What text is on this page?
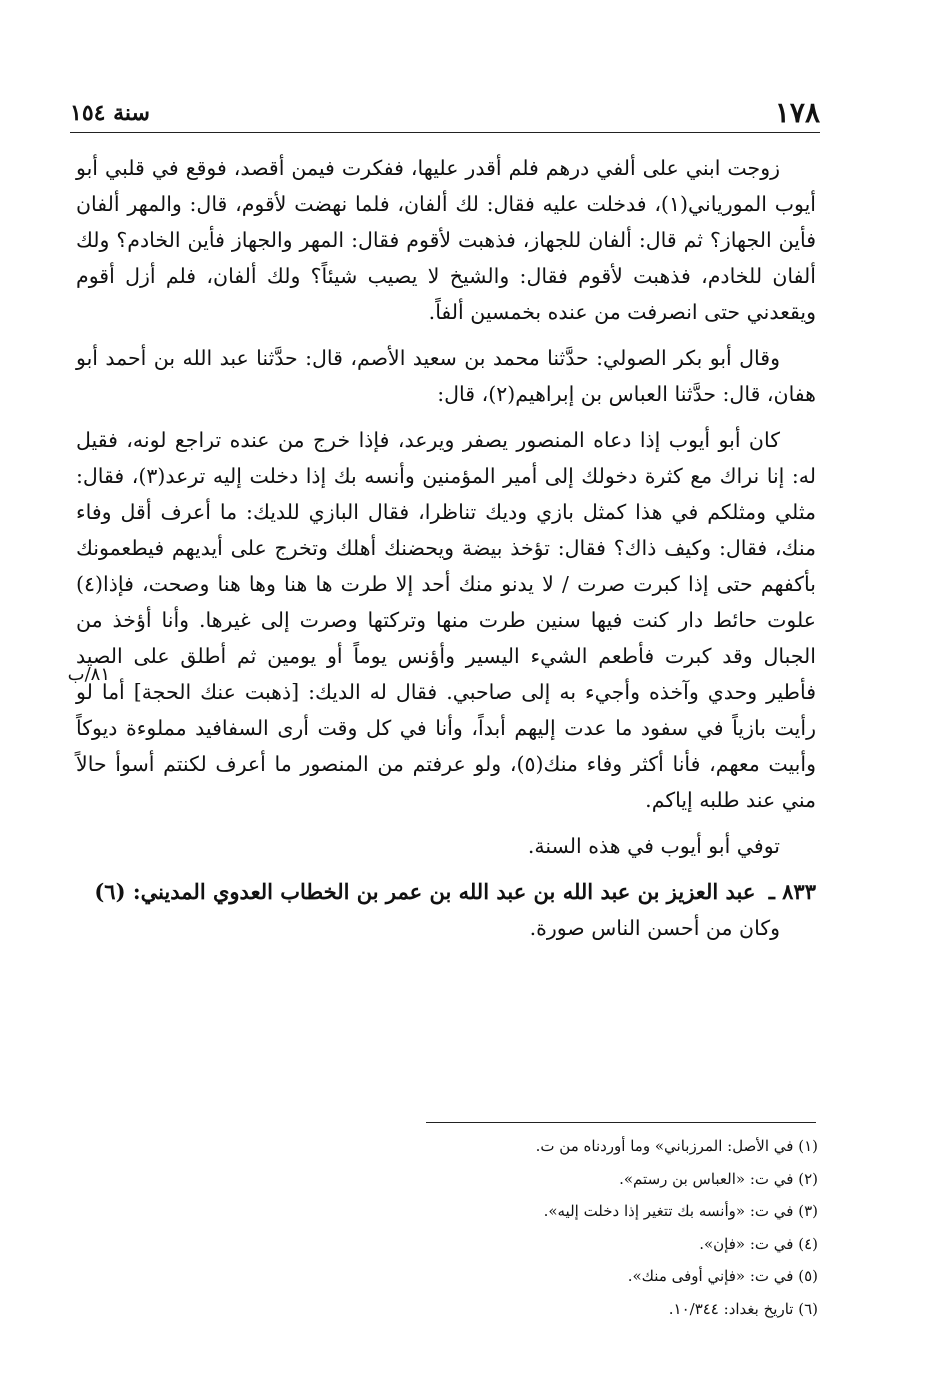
١٧٨
سنة ١٥٤
٨١/ب

زوجت ابني على ألفي درهم فلم أقدر عليها، ففكرت فيمن أقصد، فوقع في قلبي أبو أيوب المورياني(١)، فدخلت عليه فقال: لك ألفان، فلما نهضت لأقوم، قال: والمهر ألفان فأين الجهاز؟ ثم قال: ألفان للجهاز، فذهبت لأقوم فقال: المهر والجهاز فأين الخادم؟ ولك ألفان للخادم، فذهبت لأقوم فقال: والشيخ لا يصيب شيئاً؟ ولك ألفان، فلم أزل أقوم ويقعدني حتى انصرفت من عنده بخمسين ألفاً.

وقال أبو بكر الصولي: حدَّثنا محمد بن سعيد الأصم، قال: حدَّثنا عبد الله بن أحمد أبو هفان، قال: حدَّثنا العباس بن إبراهيم(٢)، قال:

كان أبو أيوب إذا دعاه المنصور يصفر ويرعد، فإذا خرج من عنده تراجع لونه، فقيل له: إنا نراك مع كثرة دخولك إلى أمير المؤمنين وأنسه بك إذا دخلت إليه ترعد(٣)، فقال: مثلي ومثلكم في هذا كمثل بازي وديك تناظرا، فقال البازي للديك: ما أعرف أقل وفاء منك، فقال: وكيف ذاك؟ فقال: تؤخذ بيضة ويحضنك أهلك وتخرج على أيديهم فيطعمونك بأكفهم حتى إذا كبرت صرت / لا يدنو منك أحد إلا طرت ها هنا وها هنا وصحت، فإذا(٤) علوت حائط دار كنت فيها سنين طرت منها وتركتها وصرت إلى غيرها. وأنا أؤخذ من الجبال وقد كبرت فأطعم الشيء اليسير وأؤنس يوماً أو يومين ثم أطلق على الصيد فأطير وحدي وآخذه وأجيء به إلى صاحبي. فقال له الديك: [ذهبت عنك الحجة] أما لو رأيت بازياً في سفود ما عدت إليهم أبداً، وأنا في كل وقت أرى السفافيد مملوءة ديوكاً وأبيت معهم، فأنا أكثر وفاء منك(٥)، ولو عرفتم من المنصور ما أعرف لكنتم أسوأ حالاً مني عند طلبه إياكم.

توفي أبو أيوب في هذه السنة.

٨٣٣ ـ عبد العزيز بن عبد الله بن عبد الله بن عمر بن الخطاب العدوي المديني: (٦)

وكان من أحسن الناس صورة.

(١) في الأصل: المرزباني» وما أوردناه من ت.
(٢) في ت: «العباس بن رستم».
(٣) في ت: «وأنسه بك تتغير إذا دخلت إليه».
(٤) في ت: «فإن».
(٥) في ت: «فإني أوفى منك».
(٦) تاريخ بغداد: ١٠/٣٤٤.
